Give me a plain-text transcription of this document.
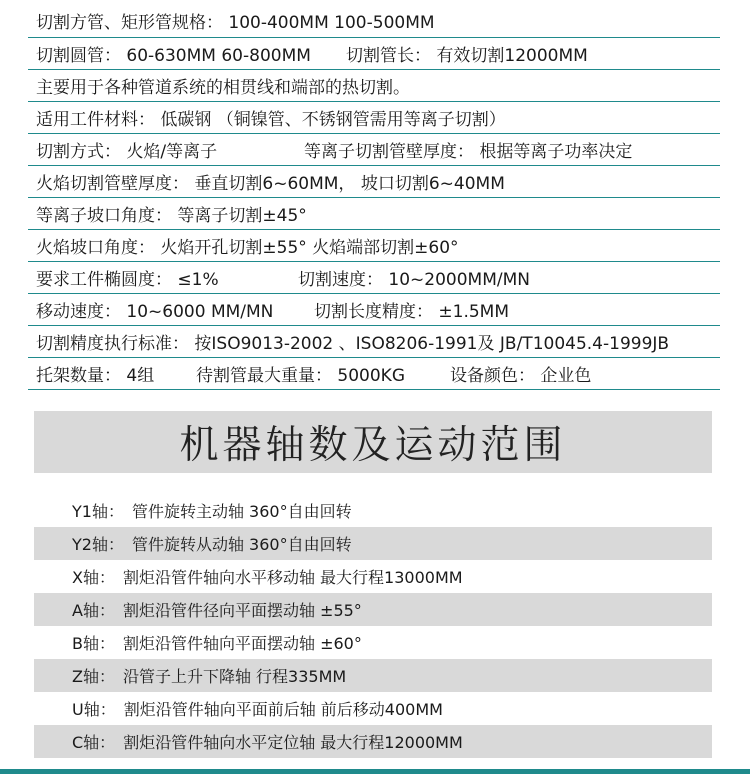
切割方管、矩形管规格： 100-400MM 100-500MM
切割圆管： 60-630MM 60-800MM	切割管长： 有效切割12000MM
主要用于各种管道系统的相贯线和端部的热切割。
适用工件材料： 低碳钢 （铜镍管、不锈钢管需用等离子切割）
切割方式： 火焰/等离子	等离子切割管壁厚度： 根据等离子功率决定
火焰切割管壁厚度： 垂直切割6~60MM， 坡口切割6~40MM
等离子坡口角度： 等离子切割±45°
火焰坡口角度： 火焰开孔切割±55° 火焰端部切割±60°
要求工件椭圆度： ≤1%	切割速度： 10~2000MM/MN
移动速度： 10~6000 MM/MN	切割长度精度： ±1.5MM
切割精度执行标准： 按ISO9013-2002 、ISO8206-1991及 JB/T10045.4-1999JB
托架数量： 4组	待割管最大重量： 5000KG	设备颜色： 企业色
机器轴数及运动范围
Y1轴： 管件旋转主动轴 360°自由回转
Y2轴： 管件旋转从动轴 360°自由回转
X轴： 割炬沿管件轴向水平移动轴 最大行程13000MM
A轴： 割炬沿管件径向平面摆动轴 ±55°
B轴： 割炬沿管件轴向平面摆动轴 ±60°
Z轴： 沿管子上升下降轴 行程335MM
U轴： 割炬沿管件轴向平面前后轴 前后移动400MM
C轴： 割炬沿管件轴向水平定位轴 最大行程12000MM
